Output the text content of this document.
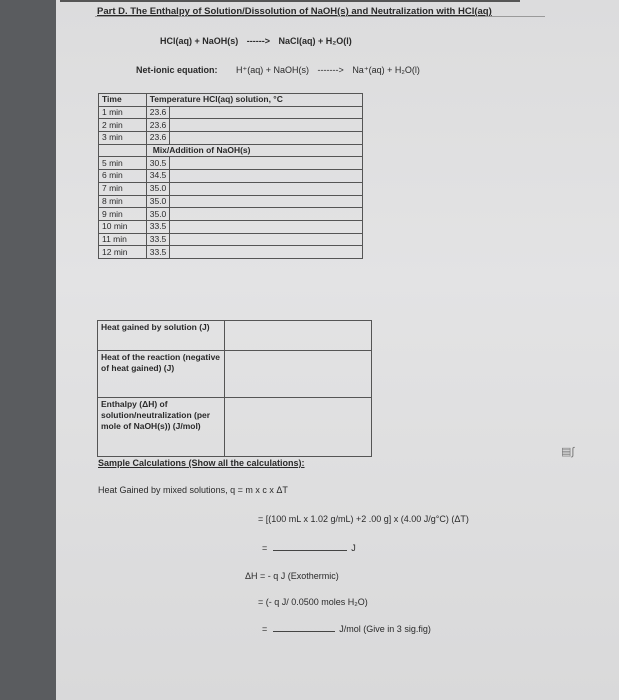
Part D. The Enthalpy of Solution/Dissolution of NaOH(s) and Neutralization with HCl(aq)
HCl(aq) + NaOH(s) ------> NaCl(aq) + H₂O(l)
Net-ionic equation: H⁺(aq) + NaOH(s) -------> Na⁺(aq) + H₂O(l)
Time	Temperature HCl(aq) solution, °C	
1 min	23.6	
2 min	23.6	
3 min	23.6	
	Mix/Addition of NaOH(s)	
5 min	30.5	
6 min	34.5	
7 min	35.0	
8 min	35.0	
9 min	35.0	
10 min	33.5	
11 min	33.5	
12 min	33.5	
Heat gained by solution (J)	
Heat of the reaction (negative of heat gained) (J)	
Enthalpy (ΔH) of solution/neutralization (per mole of NaOH(s)) (J/mol)	
Sample Calculations (Show all the calculations):
Heat Gained by mixed solutions, q = m x c x ΔT
= [(100 mL x 1.02 g/mL) +2 .00 g] x (4.00 J/g°C) (ΔT)
=	J
ΔH = - q J (Exothermic)
= (- q J/ 0.0500 moles H₂O)
=	J/mol (Give in 3 sig.fig)
▤∫
